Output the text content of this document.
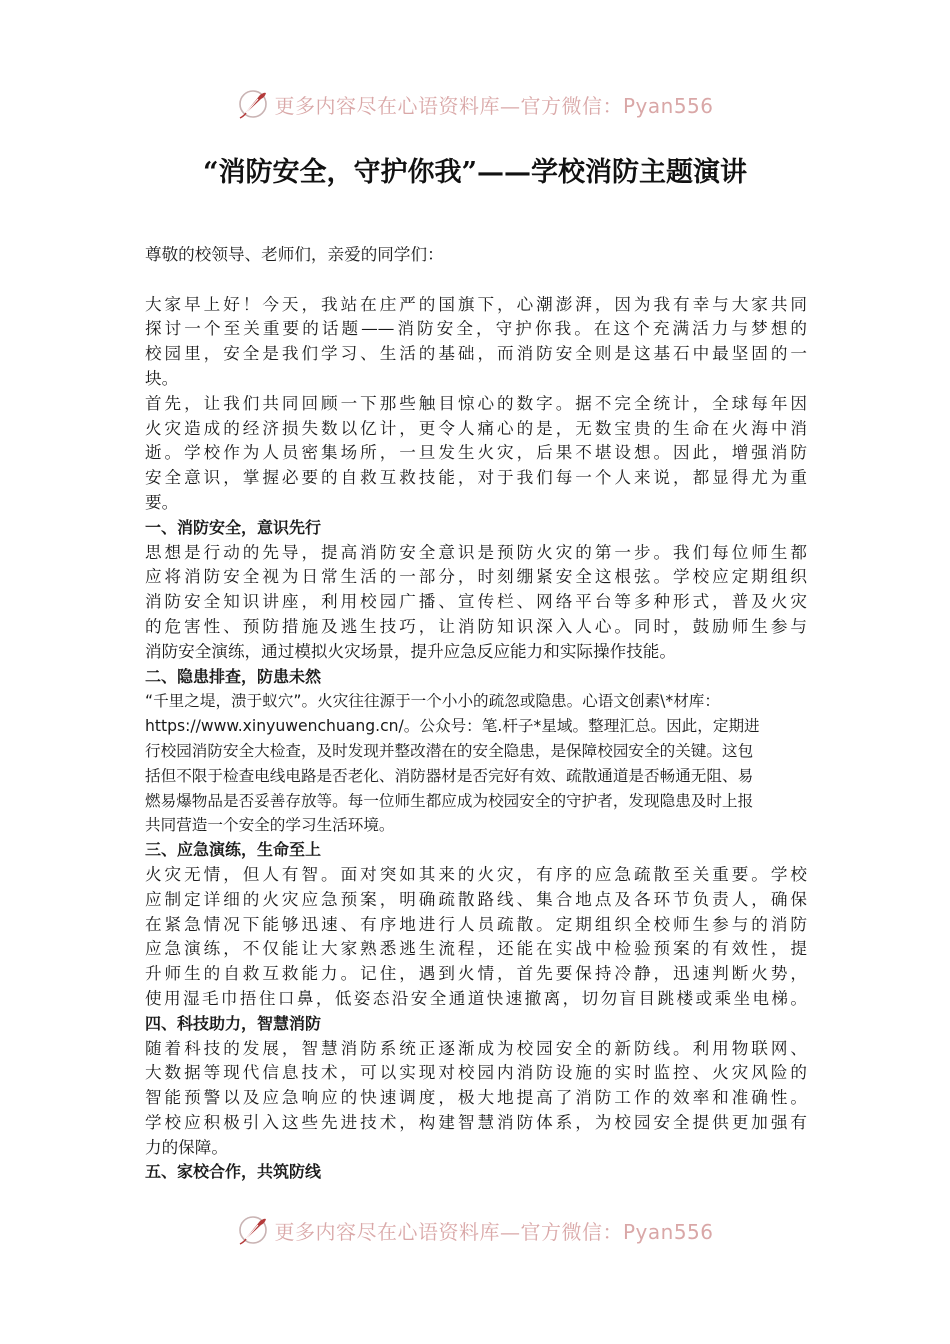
更多内容尽在心语资料库—官方微信：Pyan556
“消防安全，守护你我”——学校消防主题演讲
尊敬的校领导、老师们，亲爱的同学们：
大家早上好！今天，我站在庄严的国旗下，心潮澎湃，因为我有幸与大家共同
探讨一个至关重要的话题——消防安全，守护你我。在这个充满活力与梦想的
校园里，安全是我们学习、生活的基础，而消防安全则是这基石中最坚固的一
块。
首先，让我们共同回顾一下那些触目惊心的数字。据不完全统计，全球每年因
火灾造成的经济损失数以亿计，更令人痛心的是，无数宝贵的生命在火海中消
逝。学校作为人员密集场所，一旦发生火灾，后果不堪设想。因此，增强消防
安全意识，掌握必要的自救互救技能，对于我们每一个人来说，都显得尤为重
要。
一、消防安全，意识先行
思想是行动的先导，提高消防安全意识是预防火灾的第一步。我们每位师生都
应将消防安全视为日常生活的一部分，时刻绷紧安全这根弦。学校应定期组织
消防安全知识讲座，利用校园广播、宣传栏、网络平台等多种形式，普及火灾
的危害性、预防措施及逃生技巧，让消防知识深入人心。同时，鼓励师生参与
消防安全演练，通过模拟火灾场景，提升应急反应能力和实际操作技能。
二、隐患排查，防患未然
“千里之堤，溃于蚁穴”。火灾往往源于一个小小的疏忽或隐患。心语文创素\*材库：
https://www.xinyuwenchuang.cn/。公众号：笔.杆子*星域。整理汇总。因此，定期进
行校园消防安全大检查，及时发现并整改潜在的安全隐患，是保障校园安全的关键。这包
括但不限于检查电线电路是否老化、消防器材是否完好有效、疏散通道是否畅通无阻、易
燃易爆物品是否妥善存放等。每一位师生都应成为校园安全的守护者，发现隐患及时上报
共同营造一个安全的学习生活环境。
三、应急演练，生命至上
火灾无情，但人有智。面对突如其来的火灾，有序的应急疏散至关重要。学校
应制定详细的火灾应急预案，明确疏散路线、集合地点及各环节负责人，确保
在紧急情况下能够迅速、有序地进行人员疏散。定期组织全校师生参与的消防
应急演练，不仅能让大家熟悉逃生流程，还能在实战中检验预案的有效性，提
升师生的自救互救能力。记住，遇到火情，首先要保持冷静，迅速判断火势，
使用湿毛巾捂住口鼻，低姿态沿安全通道快速撤离，切勿盲目跳楼或乘坐电梯。
四、科技助力，智慧消防
随着科技的发展，智慧消防系统正逐渐成为校园安全的新防线。利用物联网、
大数据等现代信息技术，可以实现对校园内消防设施的实时监控、火灾风险的
智能预警以及应急响应的快速调度，极大地提高了消防工作的效率和准确性。
学校应积极引入这些先进技术，构建智慧消防体系，为校园安全提供更加强有
力的保障。
五、家校合作，共筑防线
更多内容尽在心语资料库—官方微信：Pyan556
